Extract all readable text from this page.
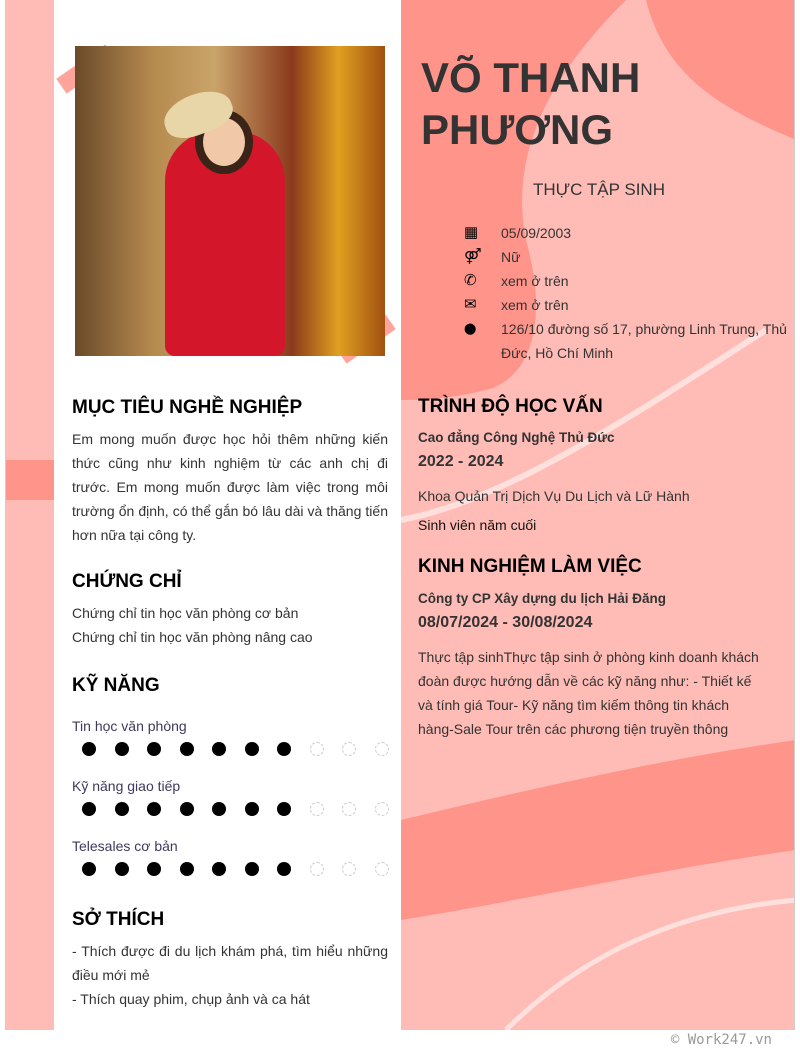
VÕ THANH PHƯƠNG
THỰC TẬP SINH
▦	05/09/2003
⚤	Nữ
✆	xem ở trên
✉	xem ở trên
⬤	126/10 đường số 17, phường Linh Trung, Thủ Đức, Hồ Chí Minh
MỤC TIÊU NGHỀ NGHIỆP
Em mong muốn được học hỏi thêm những kiến thức cũng như kinh nghiệm từ các anh chị đi trước. Em mong muốn được làm việc trong môi trường ổn định, có thể gắn bó lâu dài và thăng tiến hơn nữa tại công ty.
CHỨNG CHỈ
Chứng chỉ tin học văn phòng cơ bản
Chứng chỉ tin học văn phòng nâng cao
KỸ NĂNG
Tin học văn phòng
Kỹ năng giao tiếp
Telesales cơ bản
SỞ THÍCH
- Thích được đi du lịch khám phá, tìm hiểu những điều mới mẻ
- Thích quay phim, chụp ảnh và ca hát
TRÌNH ĐỘ HỌC VẤN
Cao đẳng Công Nghệ Thủ Đức
2022 - 2024
Khoa Quản Trị Dịch Vụ Du Lịch và Lữ Hành
Sinh viên năm cuối
KINH NGHIỆM LÀM VIỆC
Công ty CP Xây dựng du lịch Hải Đăng
08/07/2024 - 30/08/2024
Thực tập sinhThực tập sinh ở phòng kinh doanh khách đoàn được hướng dẫn về các kỹ năng như: - Thiết kế và tính giá Tour- Kỹ năng tìm kiếm thông tin khách hàng-Sale Tour trên các phương tiện truyền thông
© Work247.vn
